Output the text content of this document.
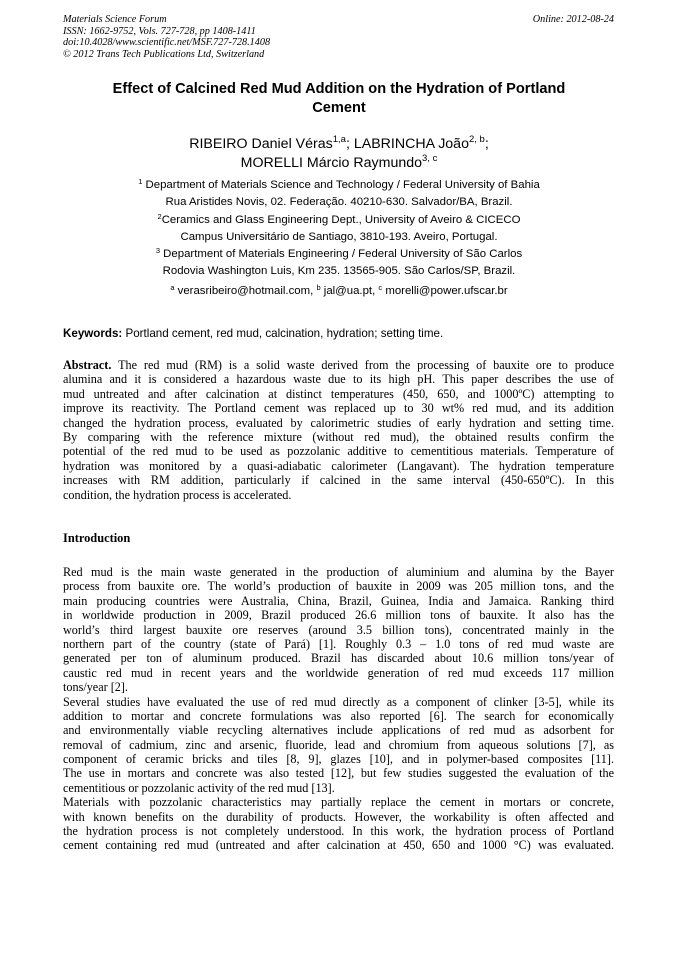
Materials Science Forum
ISSN: 1662-9752, Vols. 727-728, pp 1408-1411
doi:10.4028/www.scientific.net/MSF.727-728.1408
© 2012 Trans Tech Publications Ltd, Switzerland
Online: 2012-08-24
Effect of Calcined Red Mud Addition on the Hydration of Portland
Cement
RIBEIRO Daniel Véras$^{1,a}$; LABRINCHA João$^{2, b}$;
MORELLI Márcio Raymundo$^{3, c}$
$^1$ Department of Materials Science and Technology / Federal University of Bahia
Rua Aristides Novis, 02. Federação. 40210-630. Salvador/BA, Brazil.
$^2$Ceramics and Glass Engineering Dept., University of Aveiro & CICECO
Campus Universitário de Santiago, 3810-193. Aveiro, Portugal.
$^3$ Department of Materials Engineering / Federal University of São Carlos
Rodovia Washington Luis, Km 235. 13565-905. São Carlos/SP, Brazil.
$^a$ verasribeiro@hotmail.com, $^b$ jal@ua.pt, $^c$ morelli@power.ufscar.br
Keywords: Portland cement, red mud, calcination, hydration; setting time.
Abstract. The red mud (RM) is a solid waste derived from the processing of bauxite ore to produce
alumina and it is considered a hazardous waste due to its high pH. This paper describes the use of
mud untreated and after calcination at distinct temperatures (450, 650, and 1000ºC) attempting to
improve its reactivity. The Portland cement was replaced up to 30 wt% red mud, and its addition
changed the hydration process, evaluated by calorimetric studies of early hydration and setting time.
By comparing with the reference mixture (without red mud), the obtained results confirm the
potential of the red mud to be used as pozzolanic additive to cementitious materials. Temperature of
hydration was monitored by a quasi-adiabatic calorimeter (Langavant). The hydration temperature
increases with RM addition, particularly if calcined in the same interval (450-650ºC). In this
condition, the hydration process is accelerated.
Introduction
Red mud is the main waste generated in the production of aluminium and alumina by the Bayer
process from bauxite ore. The world’s production of bauxite in 2009 was 205 million tons, and the
main producing countries were Australia, China, Brazil, Guinea, India and Jamaica. Ranking third
in worldwide production in 2009, Brazil produced 26.6 million tons of bauxite. It also has the
world’s third largest bauxite ore reserves (around 3.5 billion tons), concentrated mainly in the
northern part of the country (state of Pará) [1]. Roughly 0.3 – 1.0 tons of red mud waste are
generated per ton of aluminum produced. Brazil has discarded about 10.6 million tons/year of
caustic red mud in recent years and the worldwide generation of red mud exceeds 117 million
tons/year [2].
Several studies have evaluated the use of red mud directly as a component of clinker [3-5], while its
addition to mortar and concrete formulations was also reported [6]. The search for economically
and environmentally viable recycling alternatives include applications of red mud as adsorbent for
removal of cadmium, zinc and arsenic, fluoride, lead and chromium from aqueous solutions [7], as
component of ceramic bricks and tiles [8, 9], glazes [10], and in polymer-based composites [11].
The use in mortars and concrete was also tested [12], but few studies suggested the evaluation of the
cementitious or pozzolanic activity of the red mud [13].
Materials with pozzolanic characteristics may partially replace the cement in mortars or concrete,
with known benefits on the durability of products. However, the workability is often affected and
the hydration process is not completely understood. In this work, the hydration process of Portland
cement containing red mud (untreated and after calcination at 450, 650 and 1000 °C) was evaluated.
